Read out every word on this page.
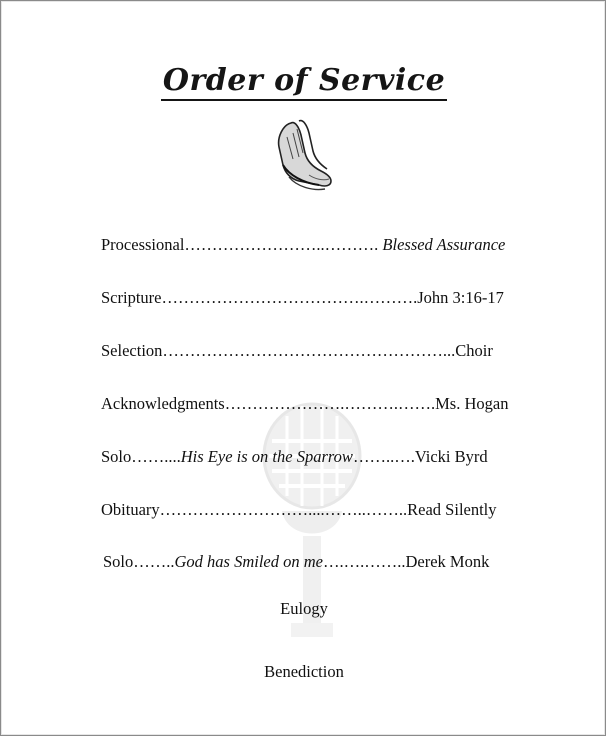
Order of Service
Processional……………………..………. Blessed Assurance
Scripture……………………………….……….John 3:16-17
Selection……………………………………………...Choir
Acknowledgments………………….……….…….Ms. Hogan
Solo……....His Eye is on the Sparrow……..….Vicki Byrd
Obituary………………………....……..……..Read Silently
Solo……..God has Smiled on me….….……..Derek Monk
Eulogy
Benediction
